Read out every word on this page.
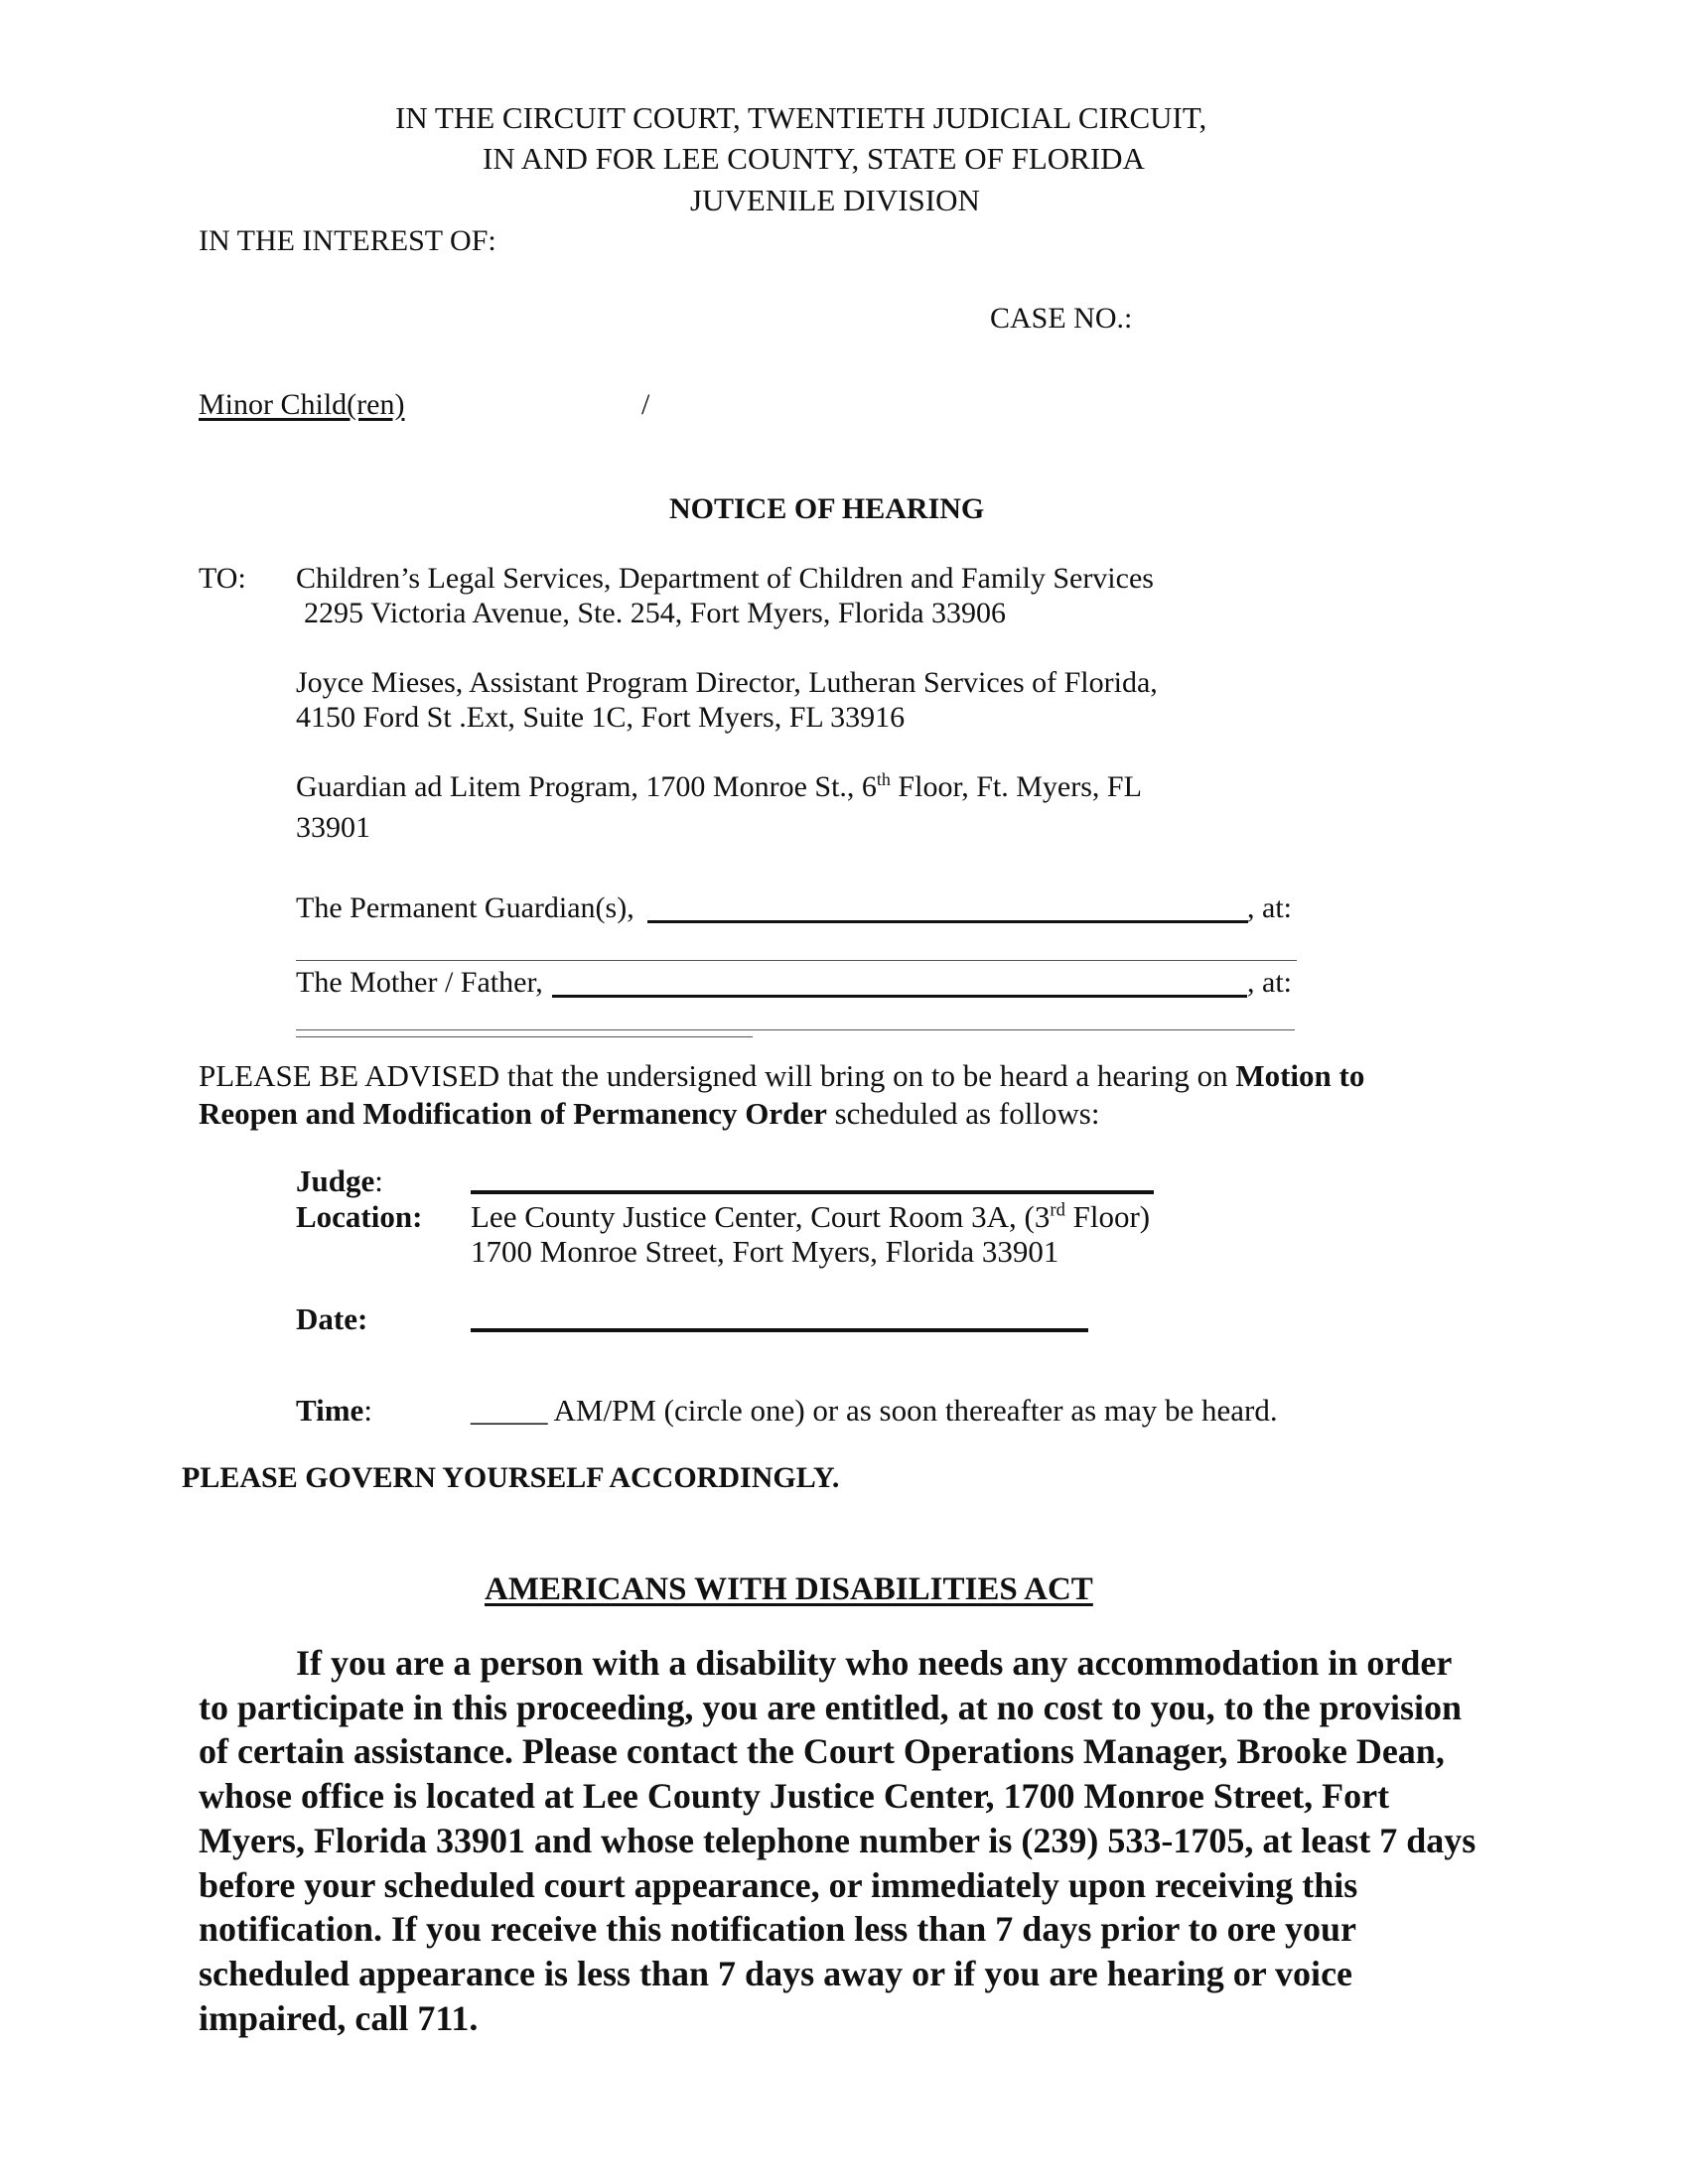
IN THE CIRCUIT COURT, TWENTIETH JUDICIAL CIRCUIT,
IN AND FOR LEE COUNTY, STATE OF FLORIDA
JUVENILE DIVISION
IN THE INTEREST OF:
CASE NO.:
Minor Child(ren)	/
NOTICE OF HEARING
TO: Children’s Legal Services, Department of Children and Family Services
2295 Victoria Avenue, Ste. 254, Fort Myers, Florida 33906
Joyce Mieses, Assistant Program Director, Lutheran Services of Florida,
4150 Ford St .Ext, Suite 1C, Fort Myers, FL 33916
Guardian ad Litem Program, 1700 Monroe St., 6th Floor, Ft. Myers, FL
33901
The Permanent Guardian(s),	, at:
The Mother / Father,	, at:
PLEASE BE ADVISED that the undersigned will bring on to be heard a hearing on Motion to
Reopen and Modification of Permanency Order scheduled as follows:
Judge:
Location: Lee County Justice Center, Court Room 3A, (3rd Floor)
1700 Monroe Street, Fort Myers, Florida 33901
Date:
Time:	_____ AM/PM (circle one) or as soon thereafter as may be heard.
PLEASE GOVERN YOURSELF ACCORDINGLY.
AMERICANS WITH DISABILITIES ACT
If you are a person with a disability who needs any accommodation in order to participate in this proceeding, you are entitled, at no cost to you, to the provision of certain assistance. Please contact the Court Operations Manager, Brooke Dean, whose office is located at Lee County Justice Center, 1700 Monroe Street, Fort Myers, Florida 33901 and whose telephone number is (239) 533-1705, at least 7 days before your scheduled court appearance, or immediately upon receiving this notification. If you receive this notification less than 7 days prior to ore your scheduled appearance is less than 7 days away or if you are hearing or voice impaired, call 711.
